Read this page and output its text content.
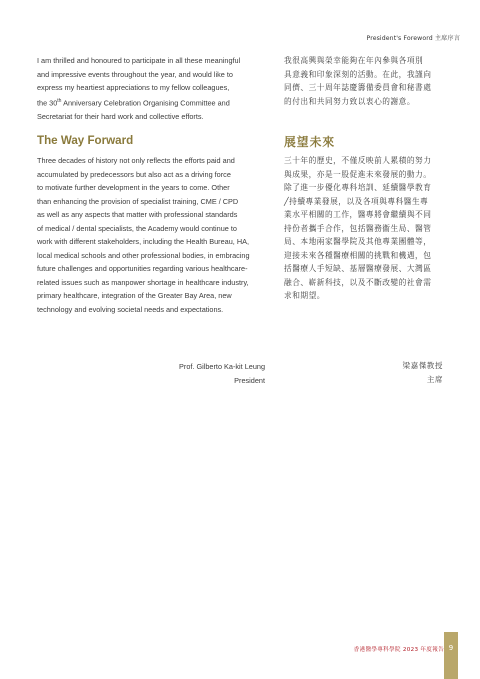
President's Foreword 主席序言
I am thrilled and honoured to participate in all these meaningful
and impressive events throughout the year, and would like to
express my heartiest appreciations to my fellow colleagues,
the 30th Anniversary Celebration Organising Committee and
Secretariat for their hard work and collective efforts.
我很高興與榮幸能夠在年內參與各項別
具意義和印象深刻的活動。在此，我謹向
同儕、三十周年誌慶籌備委員會和秘書處
的付出和共同努力致以衷心的謝意。
The Way Forward	展望未來
Three decades of history not only reflects the efforts paid and
accumulated by predecessors but also act as a driving force
to motivate further development in the years to come. Other
than enhancing the provision of specialist training, CME / CPD
as well as any aspects that matter with professional standards
of medical / dental specialists, the Academy would continue to
work with different stakeholders, including the Health Bureau, HA,
local medical schools and other professional bodies, in embracing
future challenges and opportunities regarding various healthcare-
related issues such as manpower shortage in healthcare industry,
primary healthcare, integration of the Greater Bay Area, new
technology and evolving societal needs and expectations.
三十年的歷史，不僅反映前人累積的努力
與成果，亦是一股促進未來發展的動力。
除了進一步優化專科培訓、延續醫學教育
╱持續專業發展，以及各項與專科醫生專
業水平相關的工作，醫專將會繼續與不同
持份者攜手合作，包括醫務衞生局、醫管
局、本地兩家醫學院及其他專業團體等，
迎接未來各種醫療相關的挑戰和機遇，包
括醫療人手短缺、基層醫療發展、大灣區
融合、嶄新科技，以及不斷改變的社會需
求和期望。
Prof. Gilberto Ka-kit Leung
President
梁嘉傑教授
主席
香港醫學專科學院 2023 年度報告 9
